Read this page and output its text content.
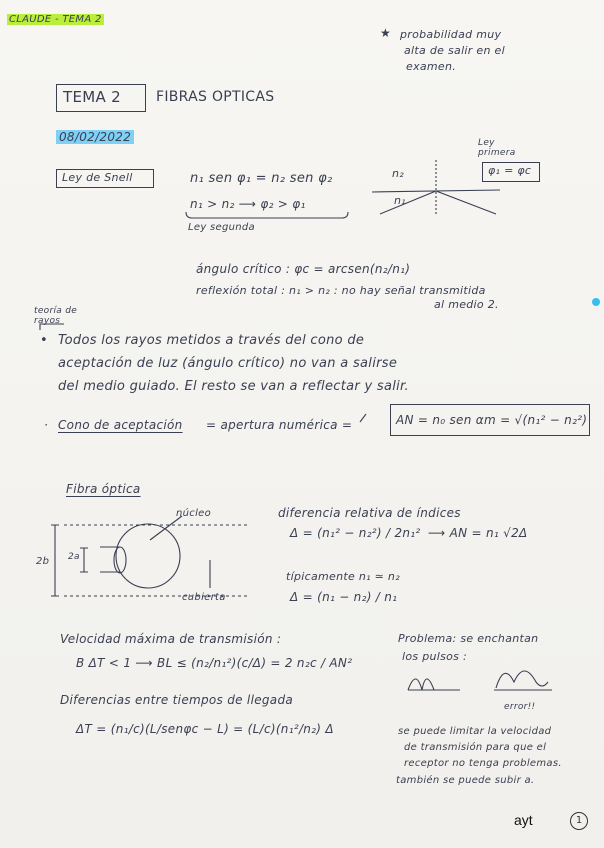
CLAUDE - TEMA 2
★ probabilidad muy
alta de salir en el
examen.
TEMA 2	FIBRAS OPTICAS
08/02/2022
Ley de Snell	n₁ sen φ₁ = n₂ sen φ₂
n₁ > n₂ ⟶ φ₂ > φ₁
Ley segunda
Ley
primera
φ₁ = φc
n₂
n₁
ángulo crítico : φc = arcsen(n₂/n₁)
reflexión total : n₁ > n₂ : no hay señal transmitida
al medio 2.
teoría de
rayos
• Todos los rayos metidos a través del cono de
aceptación de luz (ángulo crítico) no van a salirse
del medio guiado. El resto se van a reflectar y salir.
· Cono de aceptación = apertura numérica =	AN = n₀ sen αm = √(n₁² − n₂²)
Fibra óptica
núcleo
cubierta
2b 2a
diferencia relativa de índices
Δ = (n₁² − n₂²) / 2n₁² ⟶ AN = n₁ √2Δ
típicamente n₁ ≃ n₂
Δ = (n₁ − n₂) / n₁
Velocidad máxima de transmisión :
B ΔT < 1 ⟶ BL ≤ (n₂/n₁²)(c/Δ) = 2 n₂c / AN²
Diferencias entre tiempos de llegada
ΔT = (n₁/c)(L/senφc − L) = (L/c)(n₁²/n₂) Δ
Problema: se enchantan
los pulsos :
error!!
se puede limitar la velocidad
de transmisión para que el
receptor no tenga problemas.
también se puede subir a.
ayt	1
